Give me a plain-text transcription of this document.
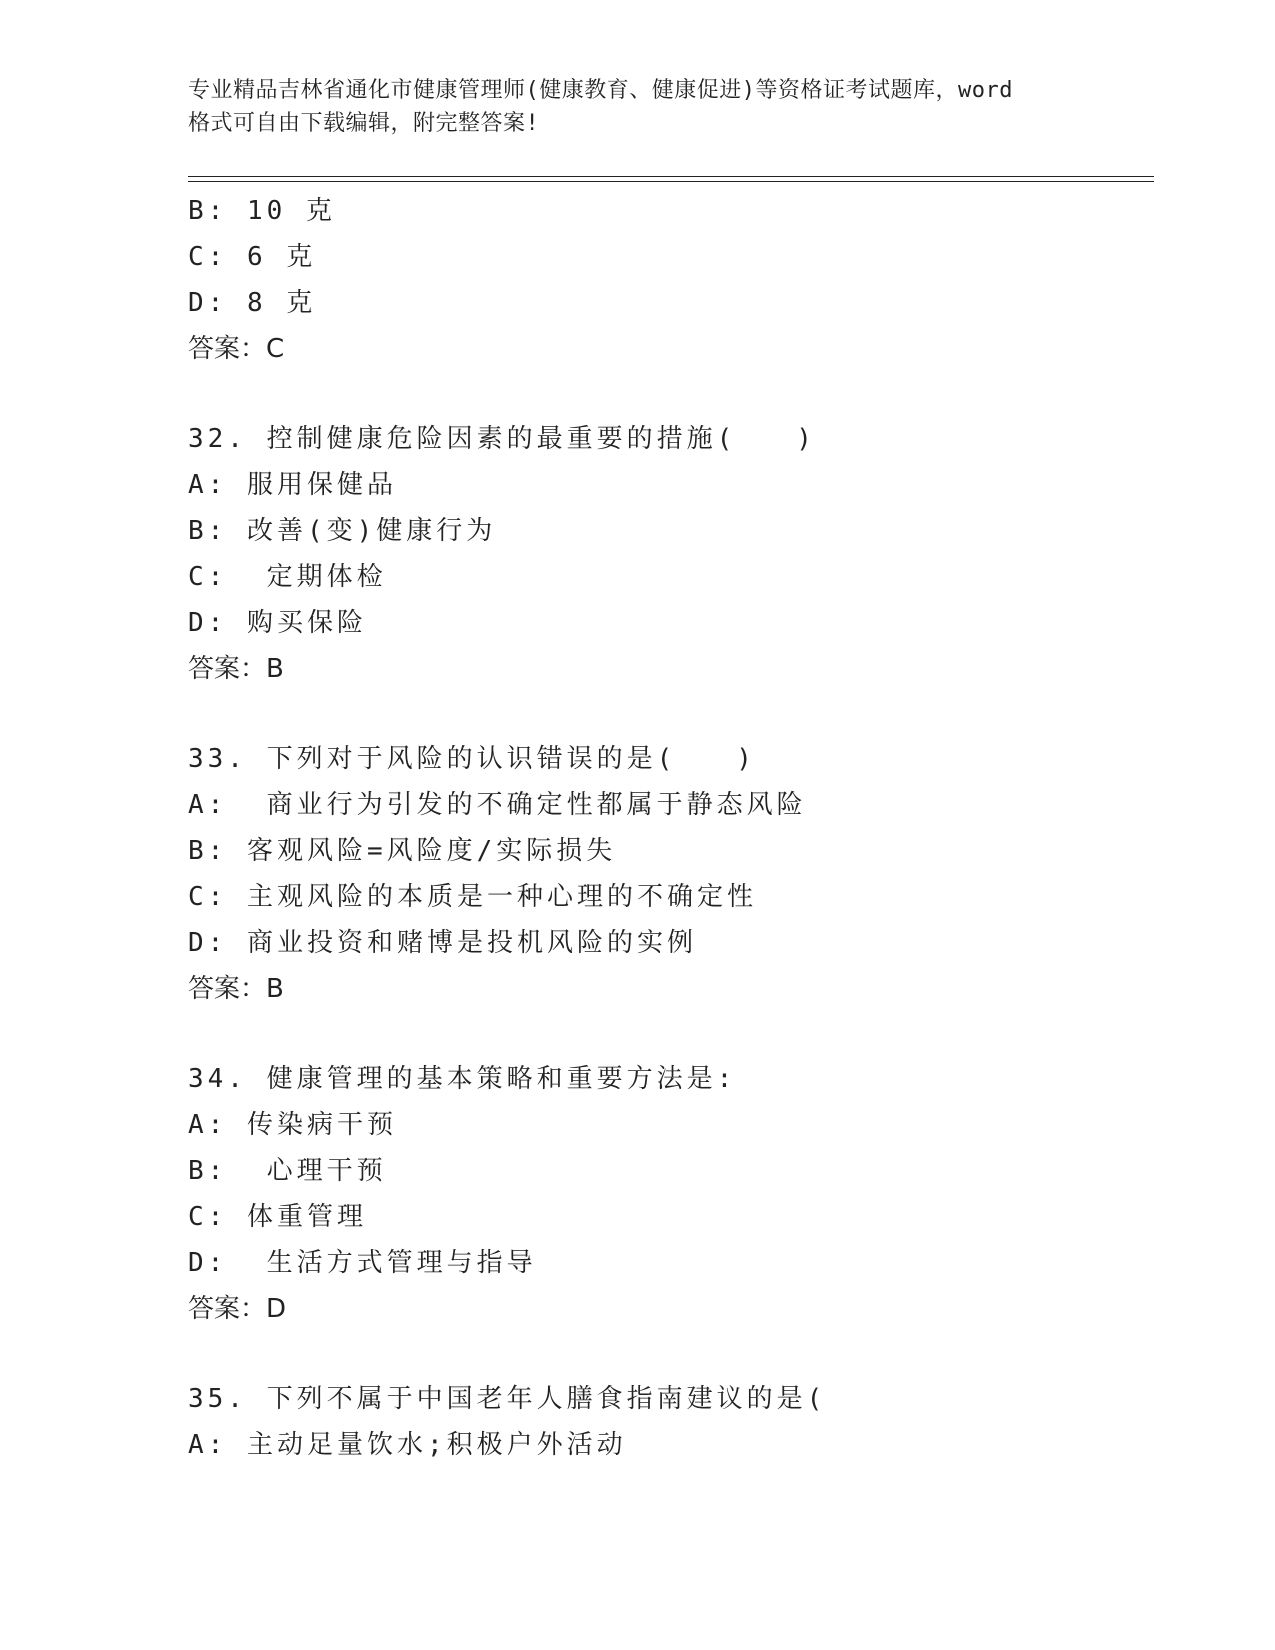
专业精品吉林省通化市健康管理师(健康教育、健康促进)等资格证考试题库，word
格式可自由下载编辑，附完整答案!
B: 10 克
C: 6 克
D: 8 克
答案：C
32. 控制健康危险因素的最重要的措施(　　)
A: 服用保健品
B: 改善(变)健康行为
C:  定期体检
D: 购买保险
答案：B
33. 下列对于风险的认识错误的是(　　)
A:  商业行为引发的不确定性都属于静态风险
B: 客观风险=风险度/实际损失
C: 主观风险的本质是一种心理的不确定性
D: 商业投资和赌博是投机风险的实例
答案：B
34. 健康管理的基本策略和重要方法是:
A: 传染病干预
B:  心理干预
C: 体重管理
D:  生活方式管理与指导
答案：D
35. 下列不属于中国老年人膳食指南建议的是(
A: 主动足量饮水;积极户外活动
